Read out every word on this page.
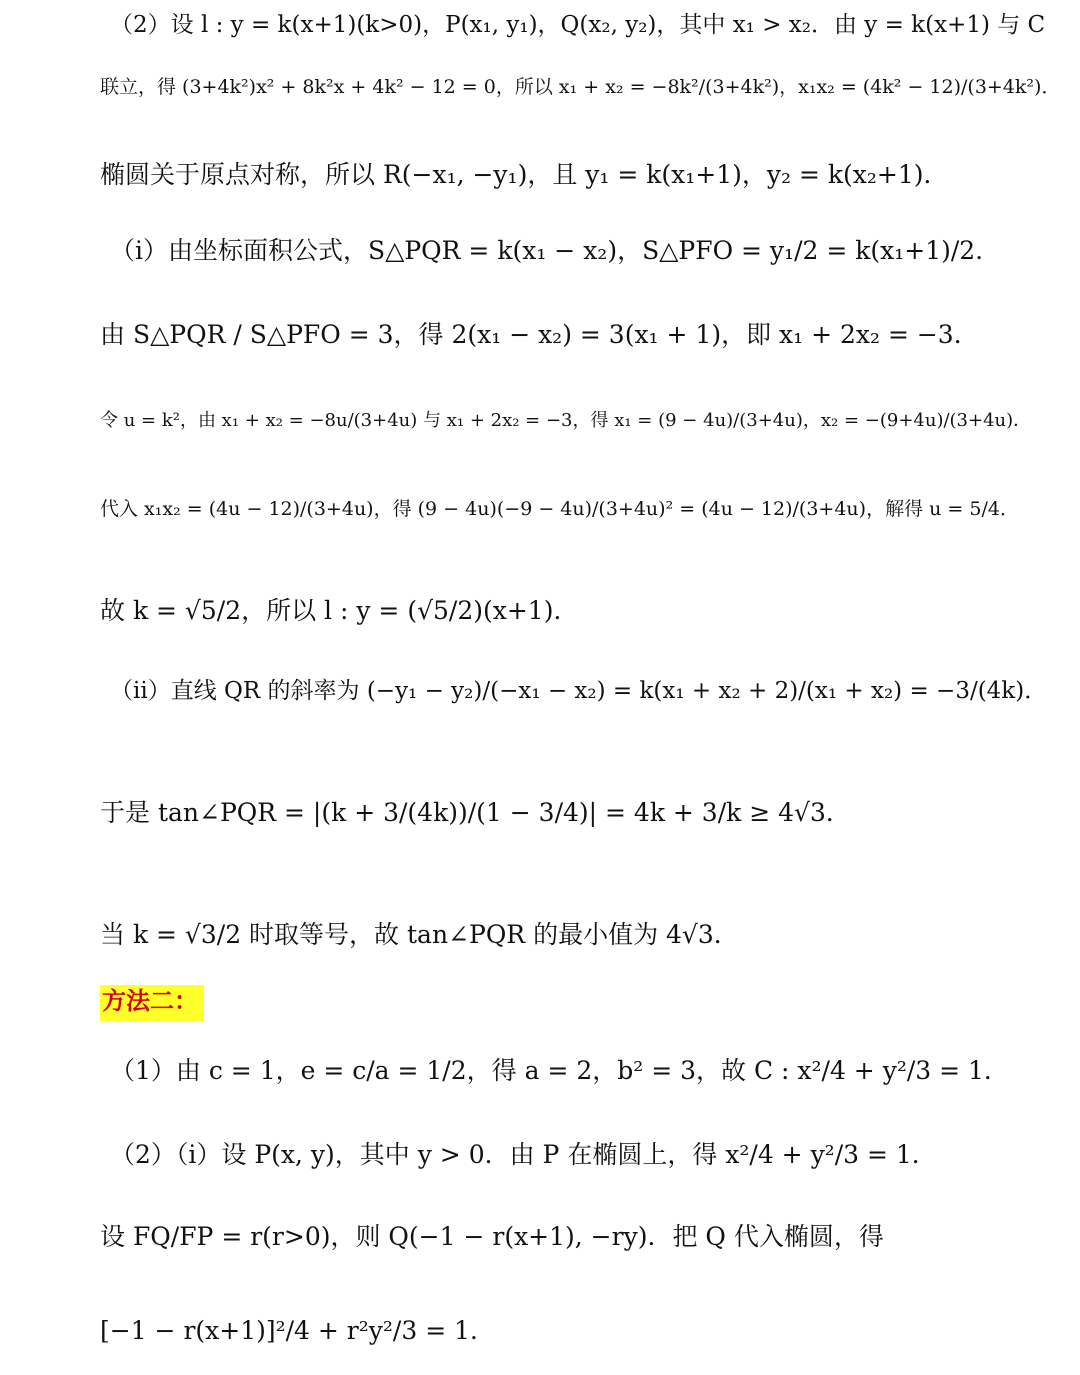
（2）设 l : y = k(x+1)(k>0)，P(x₁, y₁)，Q(x₂, y₂)，其中 x₁ > x₂．由 y = k(x+1) 与 C
联立，得 (3+4k²)x² + 8k²x + 4k² − 12 = 0，所以 x₁ + x₂ = −8k²/(3+4k²)，x₁x₂ = (4k² − 12)/(3+4k²)．
椭圆关于原点对称，所以 R(−x₁, −y₁)，且 y₁ = k(x₁+1)，y₂ = k(x₂+1)．
（i）由坐标面积公式，S△PQR = k(x₁ − x₂)，S△PFO = y₁/2 = k(x₁+1)/2．
由 S△PQR / S△PFO = 3，得 2(x₁ − x₂) = 3(x₁ + 1)，即 x₁ + 2x₂ = −3．
令 u = k²，由 x₁ + x₂ = −8u/(3+4u) 与 x₁ + 2x₂ = −3，得 x₁ = (9 − 4u)/(3+4u)，x₂ = −(9+4u)/(3+4u)．
代入 x₁x₂ = (4u − 12)/(3+4u)，得 (9 − 4u)(−9 − 4u)/(3+4u)² = (4u − 12)/(3+4u)，解得 u = 5/4．
故 k = √5/2，所以 l : y = (√5/2)(x+1)．
（ii）直线 QR 的斜率为 (−y₁ − y₂)/(−x₁ − x₂) = k(x₁ + x₂ + 2)/(x₁ + x₂) = −3/(4k)．
于是 tan∠PQR = |(k + 3/(4k))/(1 − 3/4)| = 4k + 3/k ≥ 4√3．
当 k = √3/2 时取等号，故 tan∠PQR 的最小值为 4√3．
方法二：
（1）由 c = 1，e = c/a = 1/2，得 a = 2，b² = 3，故 C : x²/4 + y²/3 = 1．
（2）（i）设 P(x, y)，其中 y > 0．由 P 在椭圆上，得 x²/4 + y²/3 = 1．
设 FQ/FP = r(r>0)，则 Q(−1 − r(x+1), −ry)．把 Q 代入椭圆，得
[−1 − r(x+1)]²/4 + r²y²/3 = 1．
